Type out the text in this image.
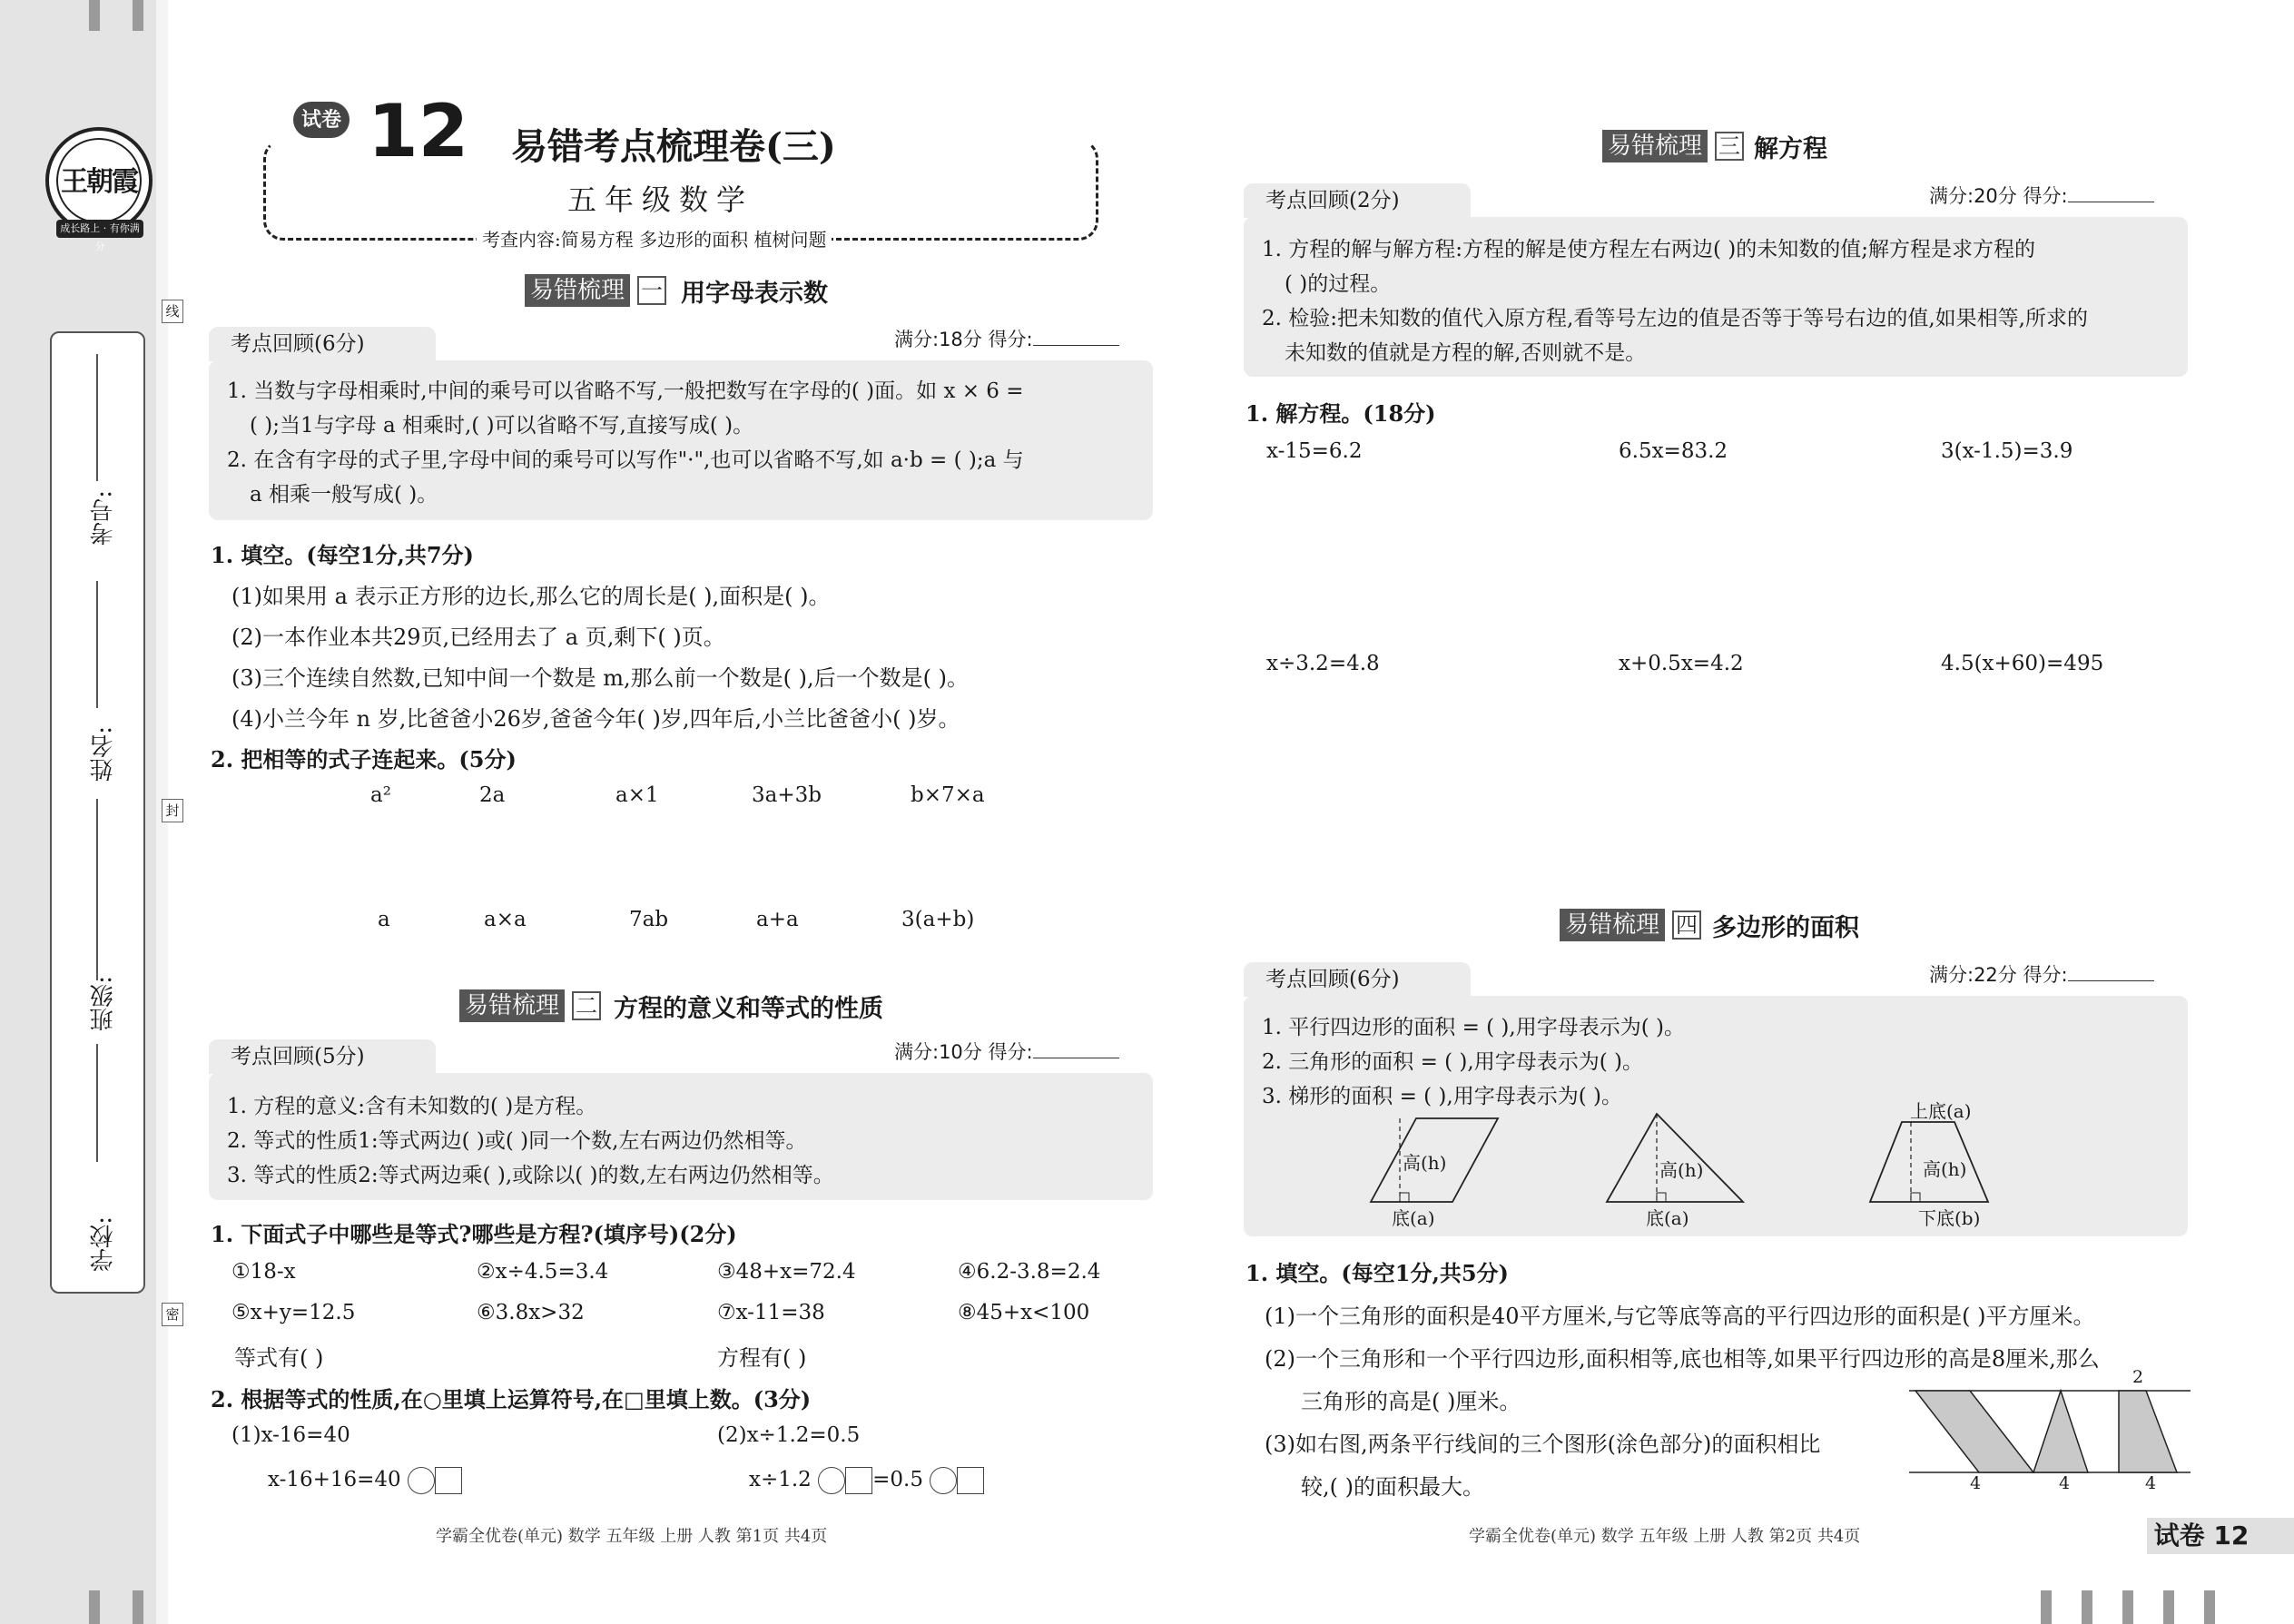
王朝霞
成长路上 · 有你满分
考号:
姓名:
班级:
学校:
线
封
密
试卷 12 易错考点梳理卷(三)
五年级数学
考查内容:简易方程 多边形的面积 植树问题
易错梳理 一 用字母表示数
考点回顾(6分)	满分:18分 得分:
1. 当数与字母相乘时,中间的乘号可以省略不写,一般把数写在字母的( )面。如 x × 6 =
( );当1与字母 a 相乘时,( )可以省略不写,直接写成( )。
2. 在含有字母的式子里,字母中间的乘号可以写作"·",也可以省略不写,如 a·b = ( );a 与
a 相乘一般写成( )。
1. 填空。(每空1分,共7分)
(1)如果用 a 表示正方形的边长,那么它的周长是( ),面积是( )。
(2)一本作业本共29页,已经用去了 a 页,剩下( )页。
(3)三个连续自然数,已知中间一个数是 m,那么前一个数是( ),后一个数是( )。
(4)小兰今年 n 岁,比爸爸小26岁,爸爸今年( )岁,四年后,小兰比爸爸小( )岁。
2. 把相等的式子连起来。(5分)
a²	2a	a×1	3a+3b	b×7×a
a	a×a	7ab	a+a	3(a+b)
易错梳理 二 方程的意义和等式的性质
考点回顾(5分)	满分:10分 得分:
1. 方程的意义:含有未知数的( )是方程。
2. 等式的性质1:等式两边( )或( )同一个数,左右两边仍然相等。
3. 等式的性质2:等式两边乘( ),或除以( )的数,左右两边仍然相等。
1. 下面式子中哪些是等式?哪些是方程?(填序号)(2分)
①18-x	②x÷4.5=3.4	③48+x=72.4	④6.2-3.8=2.4
⑤x+y=12.5	⑥3.8x>32	⑦x-11=38	⑧45+x<100
等式有( )	方程有( )
2. 根据等式的性质,在○里填上运算符号,在□里填上数。(3分)
(1)x-16=40	(2)x÷1.2=0.5
x-16+16=40	x÷1.2	=0.5
学霸全优卷(单元) 数学 五年级 上册 人教 第1页 共4页
易错梳理 三 解方程
考点回顾(2分)	满分:20分 得分:
1. 方程的解与解方程:方程的解是使方程左右两边( )的未知数的值;解方程是求方程的
( )的过程。
2. 检验:把未知数的值代入原方程,看等号左边的值是否等于等号右边的值,如果相等,所求的
未知数的值就是方程的解,否则就不是。
1. 解方程。(18分)
x-15=6.2	6.5x=83.2	3(x-1.5)=3.9
x÷3.2=4.8	x+0.5x=4.2	4.5(x+60)=495
易错梳理 四 多边形的面积
考点回顾(6分)	满分:22分 得分:
1. 平行四边形的面积 = ( ),用字母表示为( )。
2. 三角形的面积 = ( ),用字母表示为( )。
3. 梯形的面积 = ( ),用字母表示为( )。
高(h)
底(a)
高(h)
底(a)
上底(a)
高(h)
下底(b)
1. 填空。(每空1分,共5分)
(1)一个三角形的面积是40平方厘米,与它等底等高的平行四边形的面积是( )平方厘米。
(2)一个三角形和一个平行四边形,面积相等,底也相等,如果平行四边形的高是8厘米,那么
三角形的高是( )厘米。
(3)如右图,两条平行线间的三个图形(涂色部分)的面积相比
较,( )的面积最大。
2
4	4	4
学霸全优卷(单元) 数学 五年级 上册 人教 第2页 共4页	试卷 12
